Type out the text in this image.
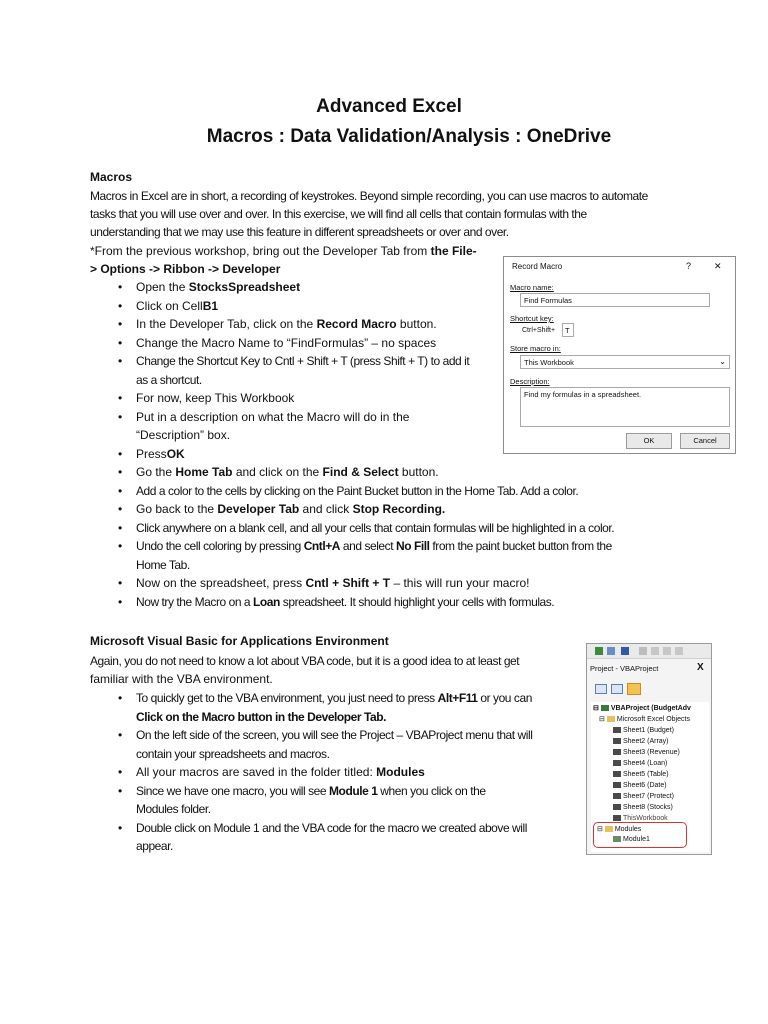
Advanced Excel
Macros : Data Validation/Analysis : OneDrive
Macros
Macros in Excel are in short, a recording of keystrokes. Beyond simple recording, you can use macros to automate
tasks that you will use over and over. In this exercise, we will find all cells that contain formulas with the
understanding that we may use this feature in different spreadsheets or over and over.
*From the previous workshop, bring out the Developer Tab from the File-
> Options -> Ribbon -> Developer
• Open the StocksSpreadsheet
• Click on CellB1
• In the Developer Tab, click on the Record Macro button.
• Change the Macro Name to “FindFormulas” – no spaces
• Change the Shortcut Key to Cntl + Shift + T (press Shift + T) to add it
as a shortcut.
• For now, keep This Workbook
• Put in a description on what the Macro will do in the
“Description” box.
• PressOK
• Go the Home Tab and click on the Find & Select button.
• Add a color to the cells by clicking on the Paint Bucket button in the Home Tab. Add a color.
• Go back to the Developer Tab and click Stop Recording.
• Click anywhere on a blank cell, and all your cells that contain formulas will be highlighted in a color.
• Undo the cell coloring by pressing Cntl+A and select No Fill from the paint bucket button from the
Home Tab.
• Now on the spreadsheet, press Cntl + Shift + T – this will run your macro!
• Now try the Macro on a Loan spreadsheet. It should highlight your cells with formulas.
Record Macro	?	✕
Macro name:
Find Formulas
Shortcut key:
Ctrl+Shift+	T
Store macro in:
This Workbook	⌄
Description:
Find my formulas in a spreadsheet.
OK	Cancel
Microsoft Visual Basic for Applications Environment
Again, you do not need to know a lot about VBA code, but it is a good idea to at least get
familiar with the VBA environment.
• To quickly get to the VBA environment, you just need to press Alt+F11 or you can
Click on the Macro button in the Developer Tab.
• On the left side of the screen, you will see the Project – VBAProject menu that will
contain your spreadsheets and macros.
• All your macros are saved in the folder titled: Modules
• Since we have one macro, you will see Module 1 when you click on the
Modules folder.
• Double click on Module 1 and the VBA code for the macro we created above will
appear.
Project - VBAProject	X
⊟ VBAProject (BudgetAdv
⊟ Microsoft Excel Objects
Sheet1 (Budget)
Sheet2 (Array)
Sheet3 (Revenue)
Sheet4 (Loan)
Sheet5 (Table)
Sheet6 (Date)
Sheet7 (Protect)
Sheet8 (Stocks)
ThisWorkbook
⊟ Modules
Module1
